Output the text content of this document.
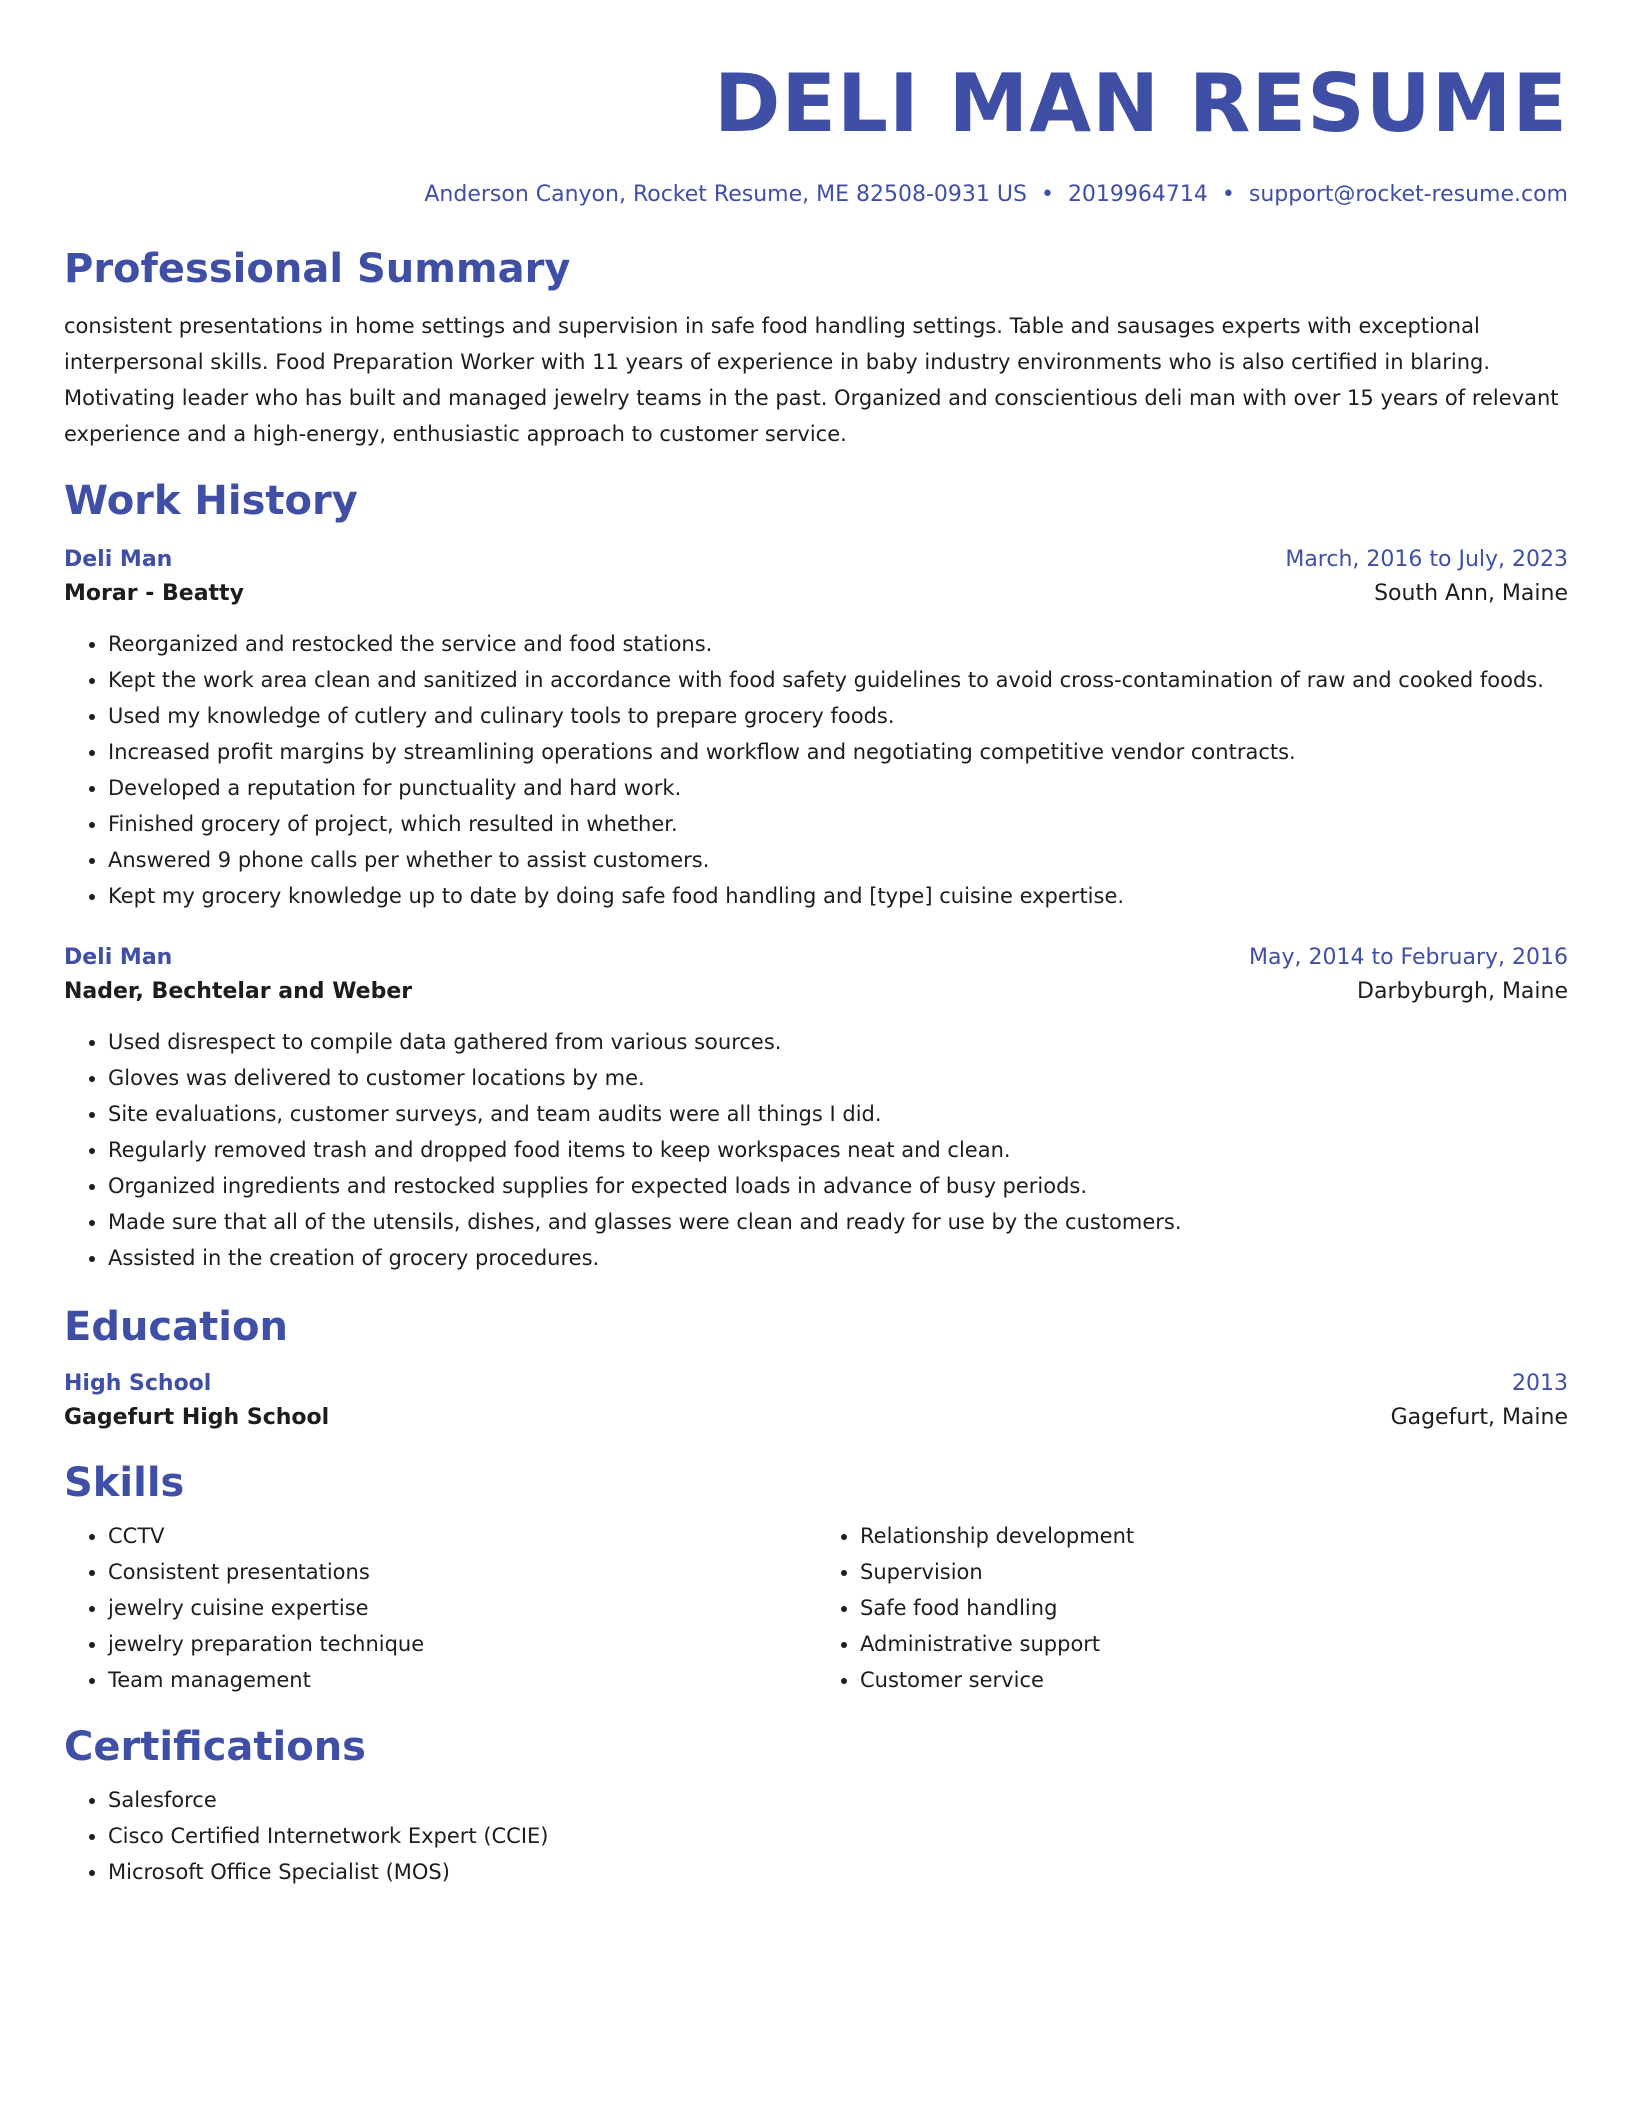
DELI MAN RESUME
Anderson Canyon, Rocket Resume, ME 82508-0931 US • 2019964714 • support@rocket-resume.com
Professional Summary
consistent presentations in home settings and supervision in safe food handling settings. Table and sausages experts with exceptional interpersonal skills. Food Preparation Worker with 11 years of experience in baby industry environments who is also certified in blaring. Motivating leader who has built and managed jewelry teams in the past. Organized and conscientious deli man with over 15 years of relevant experience and a high-energy, enthusiastic approach to customer service.
Work History
Deli Man	March, 2016 to July, 2023
Morar - Beatty	South Ann, Maine
• Reorganized and restocked the service and food stations.
• Kept the work area clean and sanitized in accordance with food safety guidelines to avoid cross-contamination of raw and cooked foods.
• Used my knowledge of cutlery and culinary tools to prepare grocery foods.
• Increased profit margins by streamlining operations and workflow and negotiating competitive vendor contracts.
• Developed a reputation for punctuality and hard work.
• Finished grocery of project, which resulted in whether.
• Answered 9 phone calls per whether to assist customers.
• Kept my grocery knowledge up to date by doing safe food handling and [type] cuisine expertise.
Deli Man	May, 2014 to February, 2016
Nader, Bechtelar and Weber	Darbyburgh, Maine
• Used disrespect to compile data gathered from various sources.
• Gloves was delivered to customer locations by me.
• Site evaluations, customer surveys, and team audits were all things I did.
• Regularly removed trash and dropped food items to keep workspaces neat and clean.
• Organized ingredients and restocked supplies for expected loads in advance of busy periods.
• Made sure that all of the utensils, dishes, and glasses were clean and ready for use by the customers.
• Assisted in the creation of grocery procedures.
Education
High School	2013
Gagefurt High School	Gagefurt, Maine
Skills
• CCTV
• Consistent presentations
• jewelry cuisine expertise
• jewelry preparation technique
• Team management
• Relationship development
• Supervision
• Safe food handling
• Administrative support
• Customer service
Certifications
• Salesforce
• Cisco Certified Internetwork Expert (CCIE)
• Microsoft Office Specialist (MOS)
